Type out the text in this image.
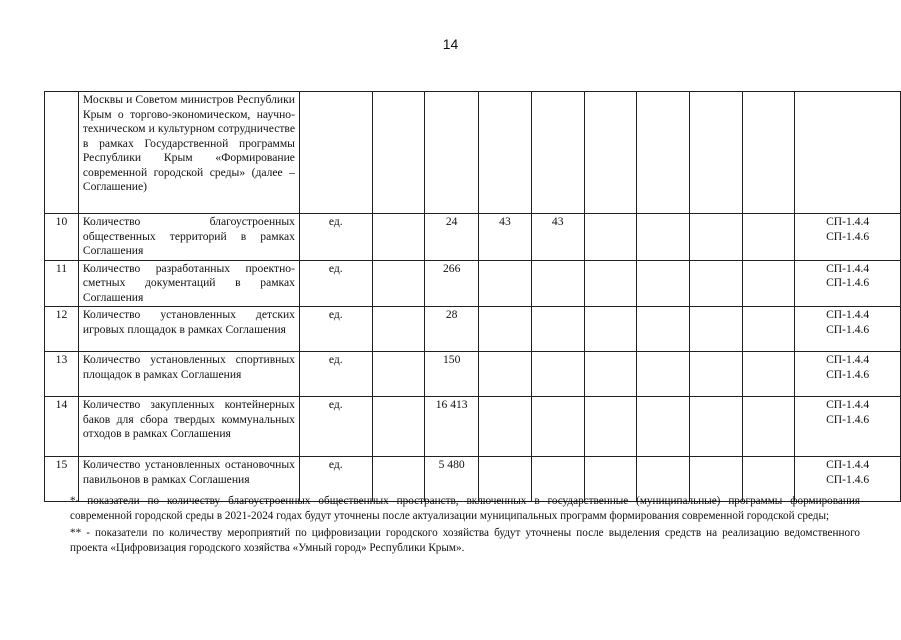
14
	Москвы и Советом министров Республики Крым о торгово-экономическом, научно-техническом и культурном сотрудничестве в рамках Государственной программы Республики Крым «Формирование современной городской среды» (далее – Соглашение)										

10	Количество благоустроенных общественных территорий в рамках Соглашения	ед.		24	43	43					СП-1.4.4
СП-1.4.6

11	Количество разработанных проектно-сметных документаций в рамках Соглашения	ед.		266							СП-1.4.4
СП-1.4.6

12	Количество установленных детских игровых площадок в рамках Соглашения	ед.		28							СП-1.4.4
СП-1.4.6

13	Количество установленных спортивных площадок в рамках Соглашения	ед.		150							СП-1.4.4
СП-1.4.6

14	Количество закупленных контейнерных баков для сбора твердых коммунальных отходов в рамках Соглашения	ед.		16 413							СП-1.4.4
СП-1.4.6

15	Количество установленных остановочных павильонов в рамках Соглашения	ед.		5 480							СП-1.4.4
СП-1.4.6

*- показатели по количеству благоустроенных общественных пространств, включенных в государственные (муниципальные) программы формирования современной городской среды в 2021-2024 годах будут уточнены после актуализации муниципальных программ формирования современной городской среды;

** - показатели по количеству мероприятий по цифровизации городского хозяйства будут уточнены после выделения средств на реализацию ведомственного проекта «Цифровизация городского хозяйства «Умный город» Республики Крым».
